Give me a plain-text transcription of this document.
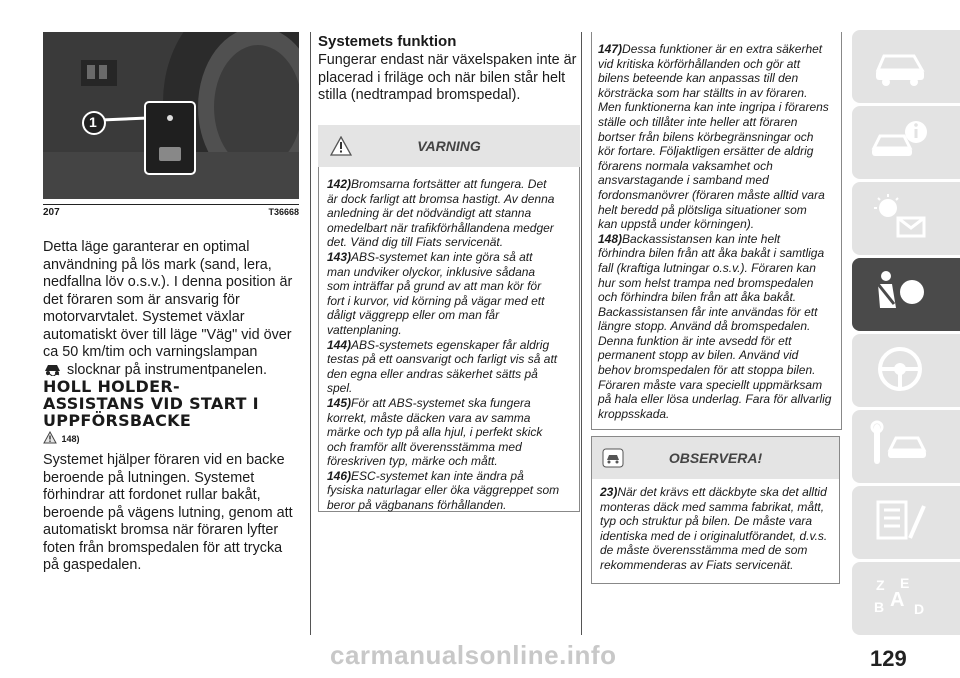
1
207	T36668
Detta läge garanterar en optimal
användning på lös mark (sand, lera,
nedfallna löv o.s.v.). I denna position är
det föraren som är ansvarig för
motorvarvtalet. Systemet växlar
automatiskt över till läge "Väg" vid över
ca 50 km/tim och varningslampan
slocknar på instrumentpanelen.
HOLL HOLDER-
ASSISTANS VID START I
UPPFÖRSBACKE
148)
Systemet hjälper föraren vid en backe
beroende på lutningen. Systemet
förhindrar att fordonet rullar bakåt,
beroende på vägens lutning, genom att
automatiskt bromsa när föraren lyfter
foten från bromspedalen för att trycka
på gaspedalen.
Systemets funktion
Fungerar endast när växelspaken inte är
placerad i friläge och när bilen står helt
stilla (nedtrampad bromspedal).
VARNING
142)Bromsarna fortsätter att fungera. Det
är dock farligt att bromsa hastigt. Av denna
anledning är det nödvändigt att stanna
omedelbart när trafikförhållandena medger
det. Vänd dig till Fiats servicenät.
143)ABS-systemet kan inte göra så att
man undviker olyckor, inklusive sådana
som inträffar på grund av att man kör för
fort i kurvor, vid körning på vägar med ett
dåligt väggrepp eller om man får
vattenplaning.
144)ABS-systemets egenskaper får aldrig
testas på ett oansvarigt och farligt vis så att
den egna eller andras säkerhet sätts på
spel.
145)För att ABS-systemet ska fungera
korrekt, måste däcken vara av samma
märke och typ på alla hjul, i perfekt skick
och framför allt överensstämma med
föreskriven typ, märke och mått.
146)ESC-systemet kan inte ändra på
fysiska naturlagar eller öka väggreppet som
beror på vägbanans förhållanden.
147)Dessa funktioner är en extra säkerhet
vid kritiska körförhållanden och gör att
bilens beteende kan anpassas till den
körsträcka som har ställts in av föraren.
Men funktionerna kan inte ingripa i förarens
ställe och tillåter inte heller att föraren
bortser från bilens körbegränsningar och
kör fortare. Följaktligen ersätter de aldrig
förarens normala vaksamhet och
ansvarstagande i samband med
fordonsmanövrer (föraren måste alltid vara
helt beredd på plötsliga situationer som
kan uppstå under körningen).
148)Backassistansen kan inte helt
förhindra bilen från att åka bakåt i samtliga
fall (kraftiga lutningar o.s.v.). Föraren kan
hur som helst trampa ned bromspedalen
och förhindra bilen från att åka bakåt.
Backassistansen får inte användas för ett
längre stopp. Använd då bromspedalen.
Denna funktion är inte avsedd för ett
permanent stopp av bilen. Använd vid
behov bromspedalen för att stoppa bilen.
Föraren måste vara speciellt uppmärksam
på hala eller lösa underlag. Fara för allvarlig
kroppsskada.
OBSERVERA!
23)När det krävs ett däckbyte ska det alltid
monteras däck med samma fabrikat, mått,
typ och struktur på bilen. De måste vara
identiska med de i originalutförandet, d.v.s.
de måste överensstämma med de som
rekommenderas av Fiats servicenät.
Z E
B D
A
129
carmanualsonline.info
